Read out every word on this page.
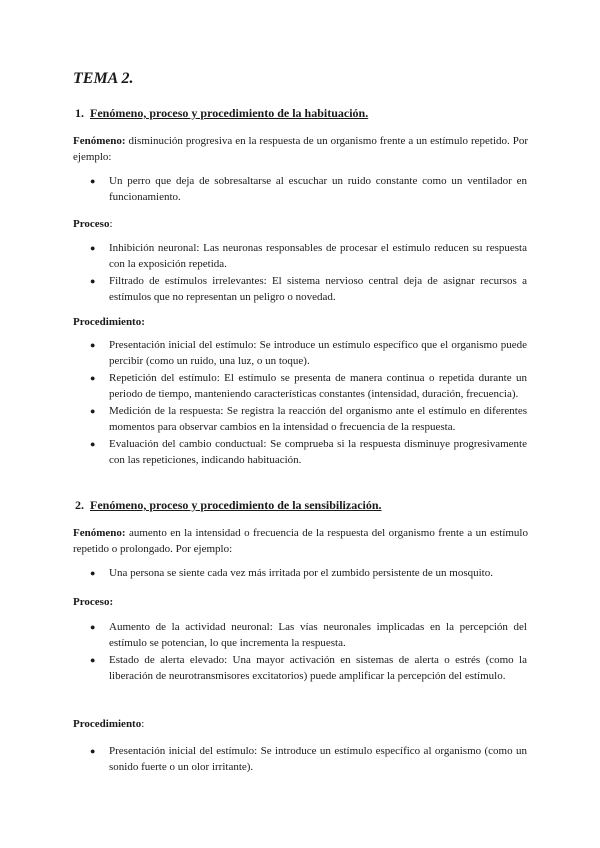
TEMA 2.
1. Fenómeno, proceso y procedimiento de la habituación.
Fenómeno: disminución progresiva en la respuesta de un organismo frente a un estímulo repetido. Por ejemplo:
● Un perro que deja de sobresaltarse al escuchar un ruido constante como un ventilador en funcionamiento.
Proceso:
● Inhibición neuronal: Las neuronas responsables de procesar el estímulo reducen su respuesta con la exposición repetida.
● Filtrado de estímulos irrelevantes: El sistema nervioso central deja de asignar recursos a estímulos que no representan un peligro o novedad.
Procedimiento:
● Presentación inicial del estímulo: Se introduce un estímulo específico que el organismo puede percibir (como un ruido, una luz, o un toque).
● Repetición del estímulo: El estímulo se presenta de manera continua o repetida durante un periodo de tiempo, manteniendo características constantes (intensidad, duración, frecuencia).
● Medición de la respuesta: Se registra la reacción del organismo ante el estímulo en diferentes momentos para observar cambios en la intensidad o frecuencia de la respuesta.
● Evaluación del cambio conductual: Se comprueba si la respuesta disminuye progresivamente con las repeticiones, indicando habituación.
2. Fenómeno, proceso y procedimiento de la sensibilización.
Fenómeno: aumento en la intensidad o frecuencia de la respuesta del organismo frente a un estímulo repetido o prolongado. Por ejemplo:
● Una persona se siente cada vez más irritada por el zumbido persistente de un mosquito.
Proceso:
● Aumento de la actividad neuronal: Las vías neuronales implicadas en la percepción del estímulo se potencian, lo que incrementa la respuesta.
● Estado de alerta elevado: Una mayor activación en sistemas de alerta o estrés (como la liberación de neurotransmisores excitatorios) puede amplificar la percepción del estímulo.
Procedimiento:
● Presentación inicial del estímulo: Se introduce un estímulo específico al organismo (como un sonido fuerte o un olor irritante).
